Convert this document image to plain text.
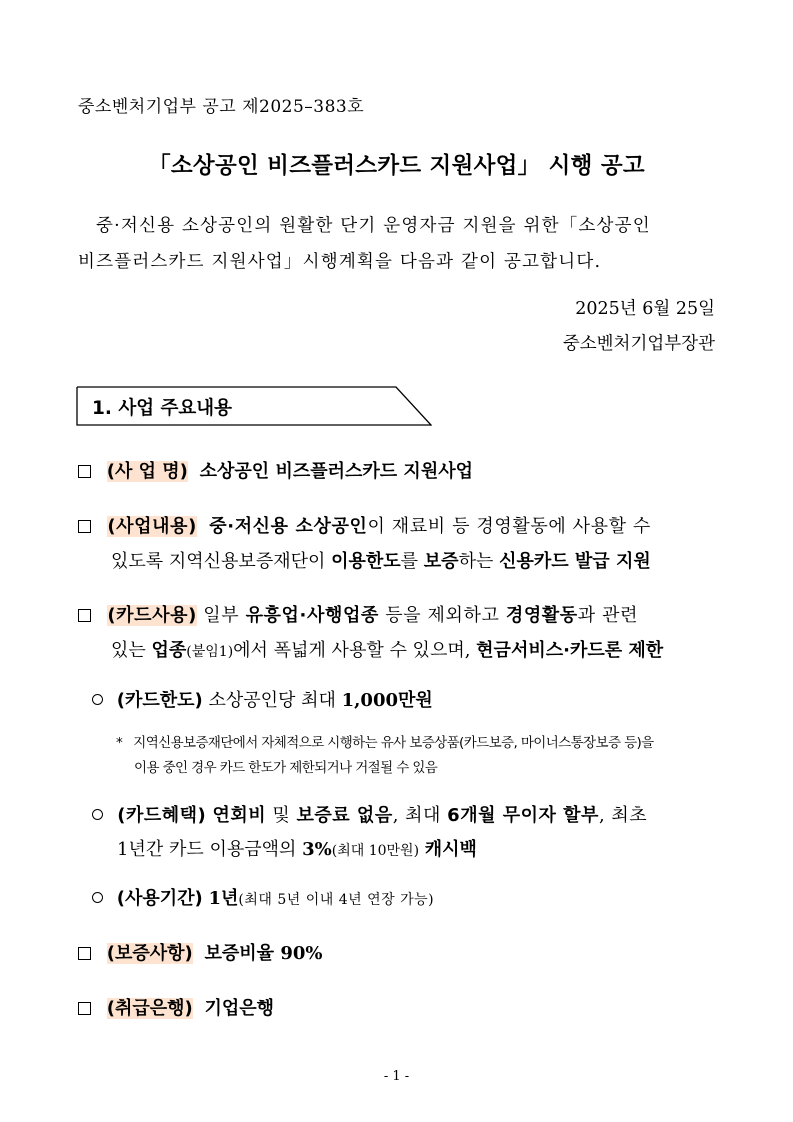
중소벤처기업부 공고 제2025–383호
「소상공인 비즈플러스카드 지원사업」 시행 공고
중·저신용 소상공인의 원활한 단기 운영자금 지원을 위한「소상공인
비즈플러스카드 지원사업」시행계획을 다음과 같이 공고합니다.
2025년 6월 25일
중소벤처기업부장관
1. 사업 주요내용
(사 업 명) 소상공인 비즈플러스카드 지원사업
(사업내용) 중·저신용 소상공인이 재료비 등 경영활동에 사용할 수
있도록 지역신용보증재단이 이용한도를 보증하는 신용카드 발급 지원
(카드사용) 일부 유흥업·사행업종 등을 제외하고 경영활동과 관련
있는 업종(붙임1)에서 폭넓게 사용할 수 있으며, 현금서비스·카드론 제한
(카드한도) 소상공인당 최대 1,000만원
* 지역신용보증재단에서 자체적으로 시행하는 유사 보증상품(카드보증, 마이너스통장보증 등)을
이용 중인 경우 카드 한도가 제한되거나 거절될 수 있음
(카드혜택) 연회비 및 보증료 없음, 최대 6개월 무이자 할부, 최초
1년간 카드 이용금액의 3%(최대 10만원) 캐시백
(사용기간) 1년(최대 5년 이내 4년 연장 가능)
(보증사항) 보증비율 90%
(취급은행) 기업은행
- 1 -
